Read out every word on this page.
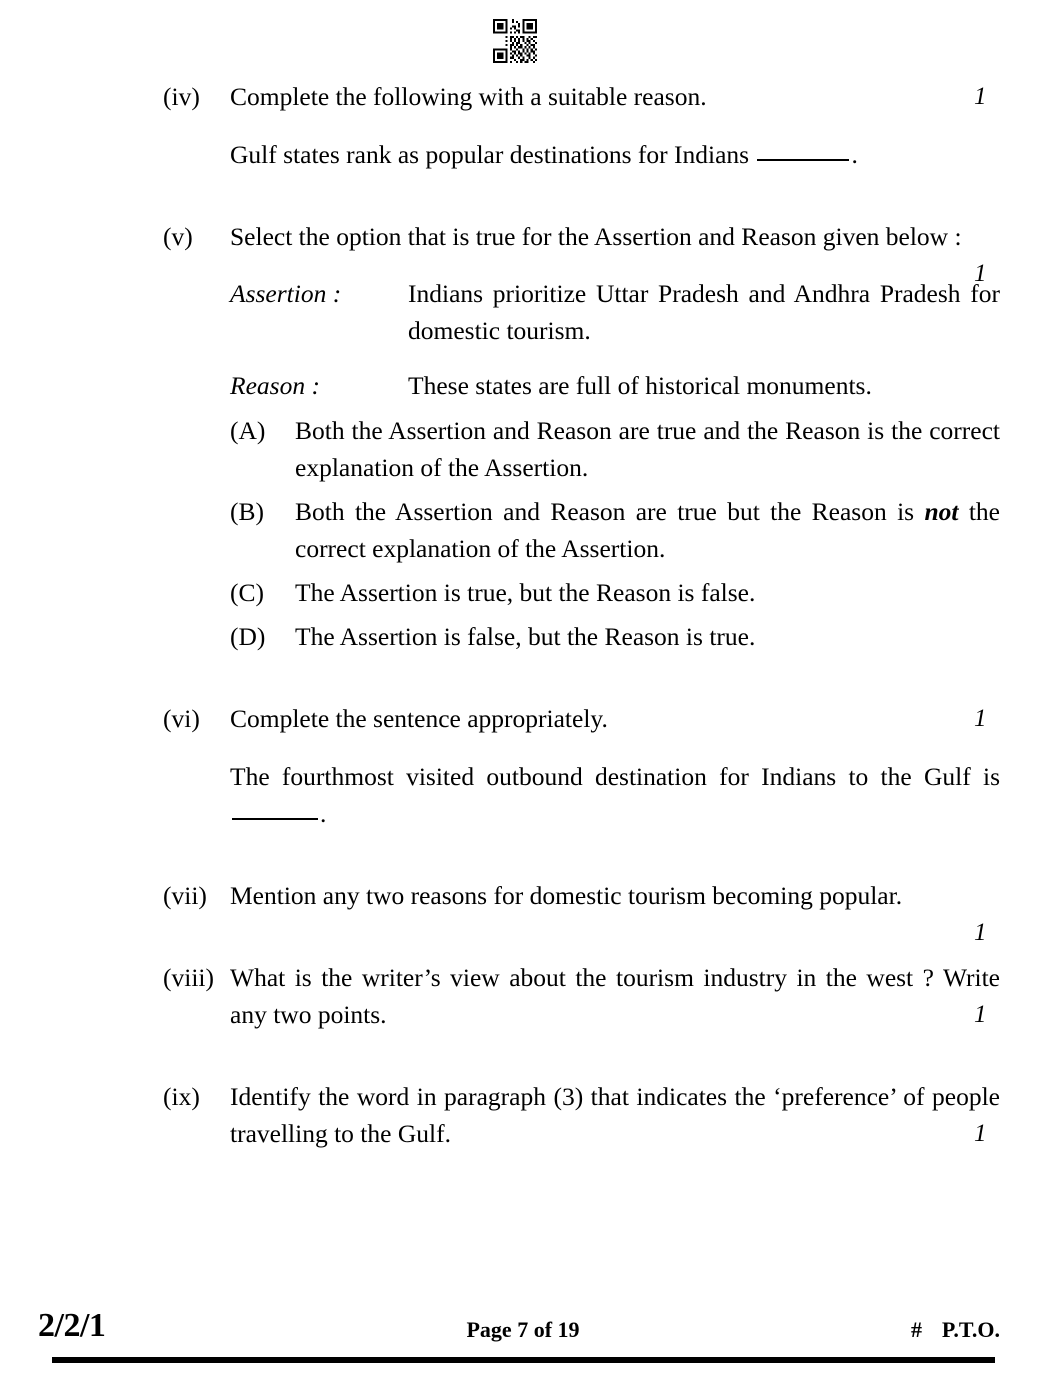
(iv)	Complete the following with a suitable reason.

Gulf states rank as popular destinations for Indians	.

1
(v)	Select the option that is true for the Assertion and Reason given below :

1
Assertion :	Indians prioritize Uttar Pradesh and Andhra Pradesh for domestic tourism.
Reason :	These states are full of historical monuments.
(A)	Both the Assertion and Reason are true and the Reason is the correct explanation of the Assertion.
(B)	Both the Assertion and Reason are true but the Reason is not the correct explanation of the Assertion.
(C)	The Assertion is true, but the Reason is false.
(D)	The Assertion is false, but the Reason is true.
(vi)	Complete the sentence appropriately.

The fourthmost visited outbound destination for Indians to the Gulf is .

1
(vii) Mention any two reasons for domestic tourism becoming popular.
1
(viii) What is the writer’s view about the tourism industry in the west ? Write any two points.	1
(ix)	Identify the word in paragraph (3) that indicates the ‘preference’ of people travelling to the Gulf.	1
2/2/1	Page 7 of 19	# P.T.O.
